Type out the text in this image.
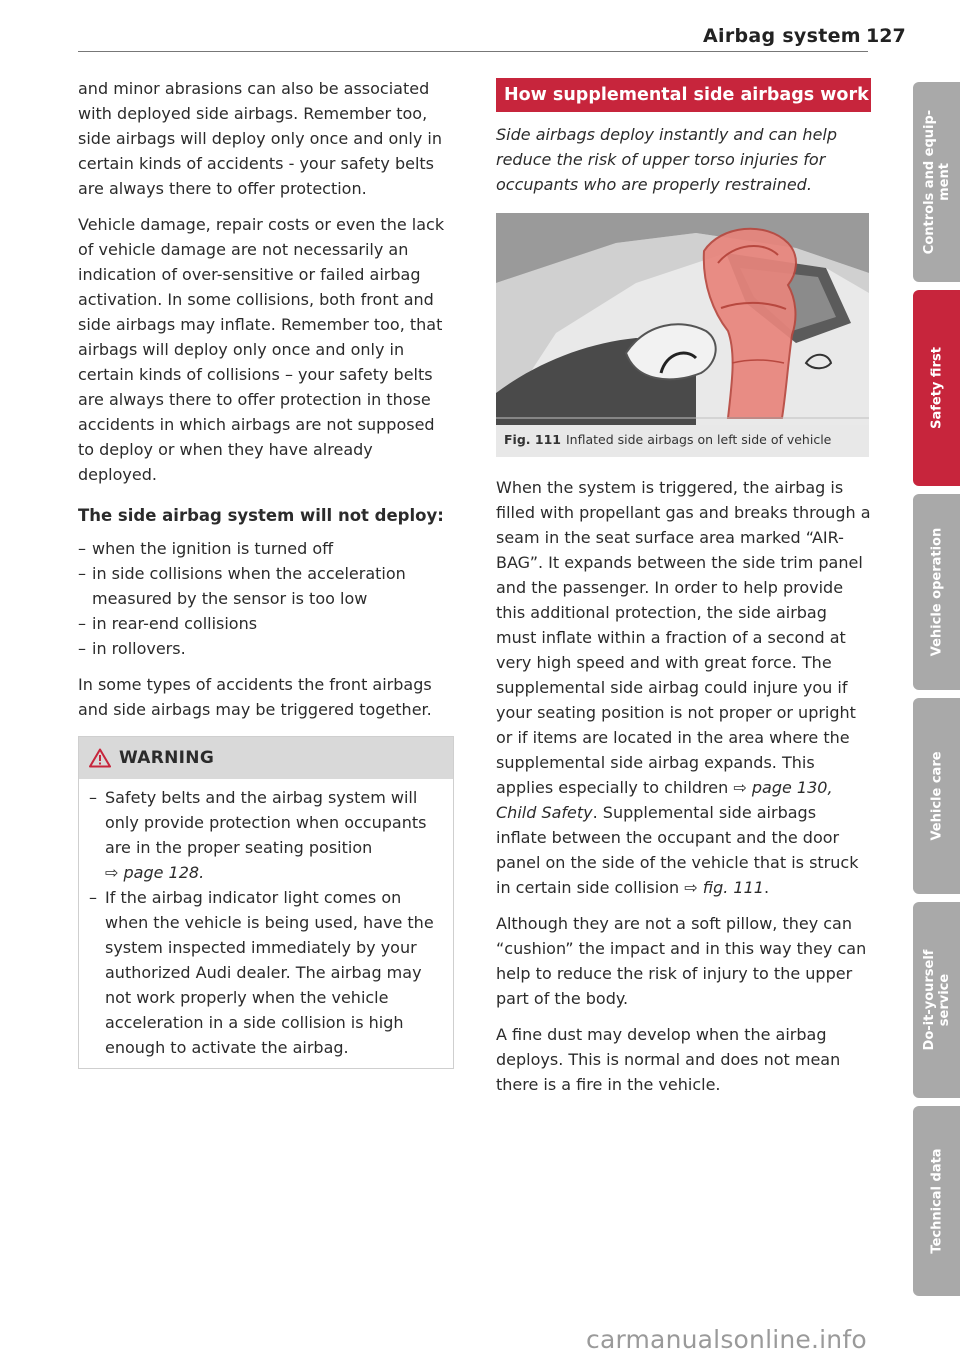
Airbag system 127

and minor abrasions can also be associated with deployed side airbags. Remember too, side airbags will deploy only once and only in certain kinds of accidents - your safety belts are always there to offer protection.

Vehicle damage, repair costs or even the lack of vehicle damage are not necessarily an indication of over-sensitive or failed airbag activation. In some collisions, both front and side airbags may inflate. Remember too, that airbags will deploy only once and only in certain kinds of collisions – your safety belts are always there to offer protection in those accidents in which airbags are not supposed to deploy or when they have already deployed.

The side airbag system will not deploy:
– when the ignition is turned off
– in side collisions when the acceleration measured by the sensor is too low
– in rear-end collisions
– in rollovers.

In some types of accidents the front airbags and side airbags may be triggered together.

WARNING
– Safety belts and the airbag system will only provide protection when occupants are in the proper seating position
⇨ page 128.
– If the airbag indicator light comes on when the vehicle is being used, have the system inspected immediately by your authorized Audi dealer. The airbag may not work properly when the vehicle acceleration in a side collision is high enough to activate the airbag.
How supplemental side airbags work

Side airbags deploy instantly and can help reduce the risk of upper torso injuries for occupants who are properly restrained.

Fig. 111 Inflated side airbags on left side of vehicle

When the system is triggered, the airbag is filled with propellant gas and breaks through a seam in the seat surface area marked “AIR-BAG”. It expands between the side trim panel and the passenger. In order to help provide this additional protection, the side airbag must inflate within a fraction of a second at very high speed and with great force. The supplemental side airbag could injure you if your seating position is not proper or upright or if items are located in the area where the supplemental side airbag expands. This applies especially to children ⇨ page 130, Child Safety. Supplemental side airbags inflate between the occupant and the door panel on the side of the vehicle that is struck in certain side collision ⇨ fig. 111.

Although they are not a soft pillow, they can “cushion” the impact and in this way they can help to reduce the risk of injury to the upper part of the body.

A fine dust may develop when the airbag deploys. This is normal and does not mean there is a fire in the vehicle.

Controls and equip-
ment
Safety first
Vehicle operation
Vehicle care
Do-it-yourself
service
Technical data
carmanualsonline.info
